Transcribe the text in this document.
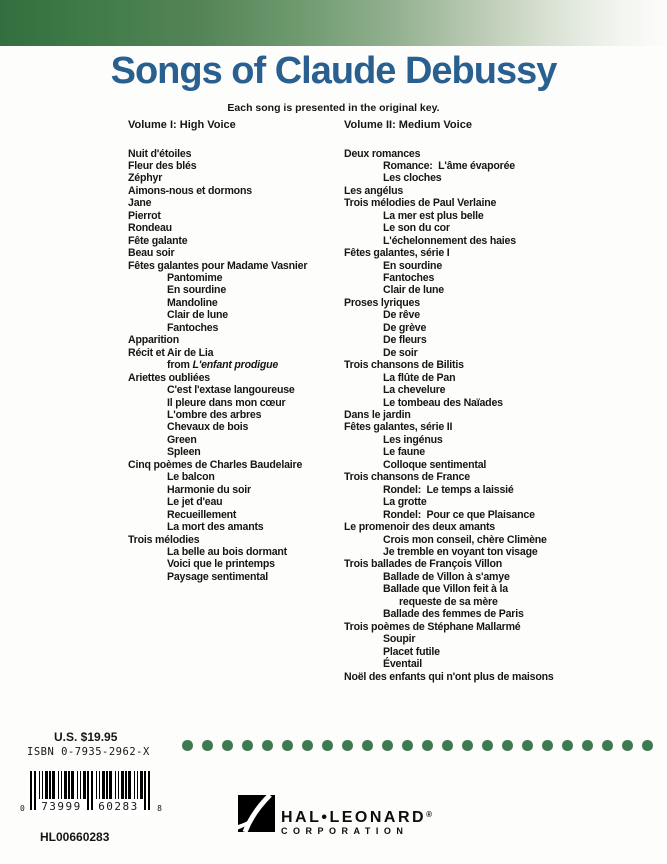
Songs of Claude Debussy
Each song is presented in the original key.
Volume I: High Voice
Nuit d'étoiles
Fleur des blés
Zéphyr
Aimons-nous et dormons
Jane
Pierrot
Rondeau
Fête galante
Beau soir
Fêtes galantes pour Madame Vasnier
Pantomime
En sourdine
Mandoline
Clair de lune
Fantoches
Apparition
Récit et Air de Lia
from L'enfant prodigue
Ariettes oubliées
C'est l'extase langoureuse
Il pleure dans mon cœur
L'ombre des arbres
Chevaux de bois
Green
Spleen
Cinq poèmes de Charles Baudelaire
Le balcon
Harmonie du soir
Le jet d'eau
Recueillement
La mort des amants
Trois mélodies
La belle au bois dormant
Voici que le printemps
Paysage sentimental
Volume II: Medium Voice
Deux romances
Romance:  L'âme évaporée
Les cloches
Les angélus
Trois mélodies de Paul Verlaine
La mer est plus belle
Le son du cor
L'échelonnement des haies
Fêtes galantes, série I
En sourdine
Fantoches
Clair de lune
Proses lyriques
De rêve
De grève
De fleurs
De soir
Trois chansons de Bilitis
La flûte de Pan
La chevelure
Le tombeau des Naïades
Dans le jardin
Fêtes galantes, série II
Les ingénus
Le faune
Colloque sentimental
Trois chansons de France
Rondel:  Le temps a laissié
La grotte
Rondel:  Pour ce que Plaisance
Le promenoir des deux amants
Crois mon conseil, chère Climène
Je tremble en voyant ton visage
Trois ballades de François Villon
Ballade de Villon à s'amye
Ballade que Villon feit à la
requeste de sa mère
Ballade des femmes de Paris
Trois poèmes de Stéphane Mallarmé
Soupir
Placet futile
Éventail
Noël des enfants qui n'ont plus de maisons
U.S. $19.95
ISBN 0-7935-2962-X
0	73999	60283	8
HL00660283
HAL•LEONARD®
CORPORATION
